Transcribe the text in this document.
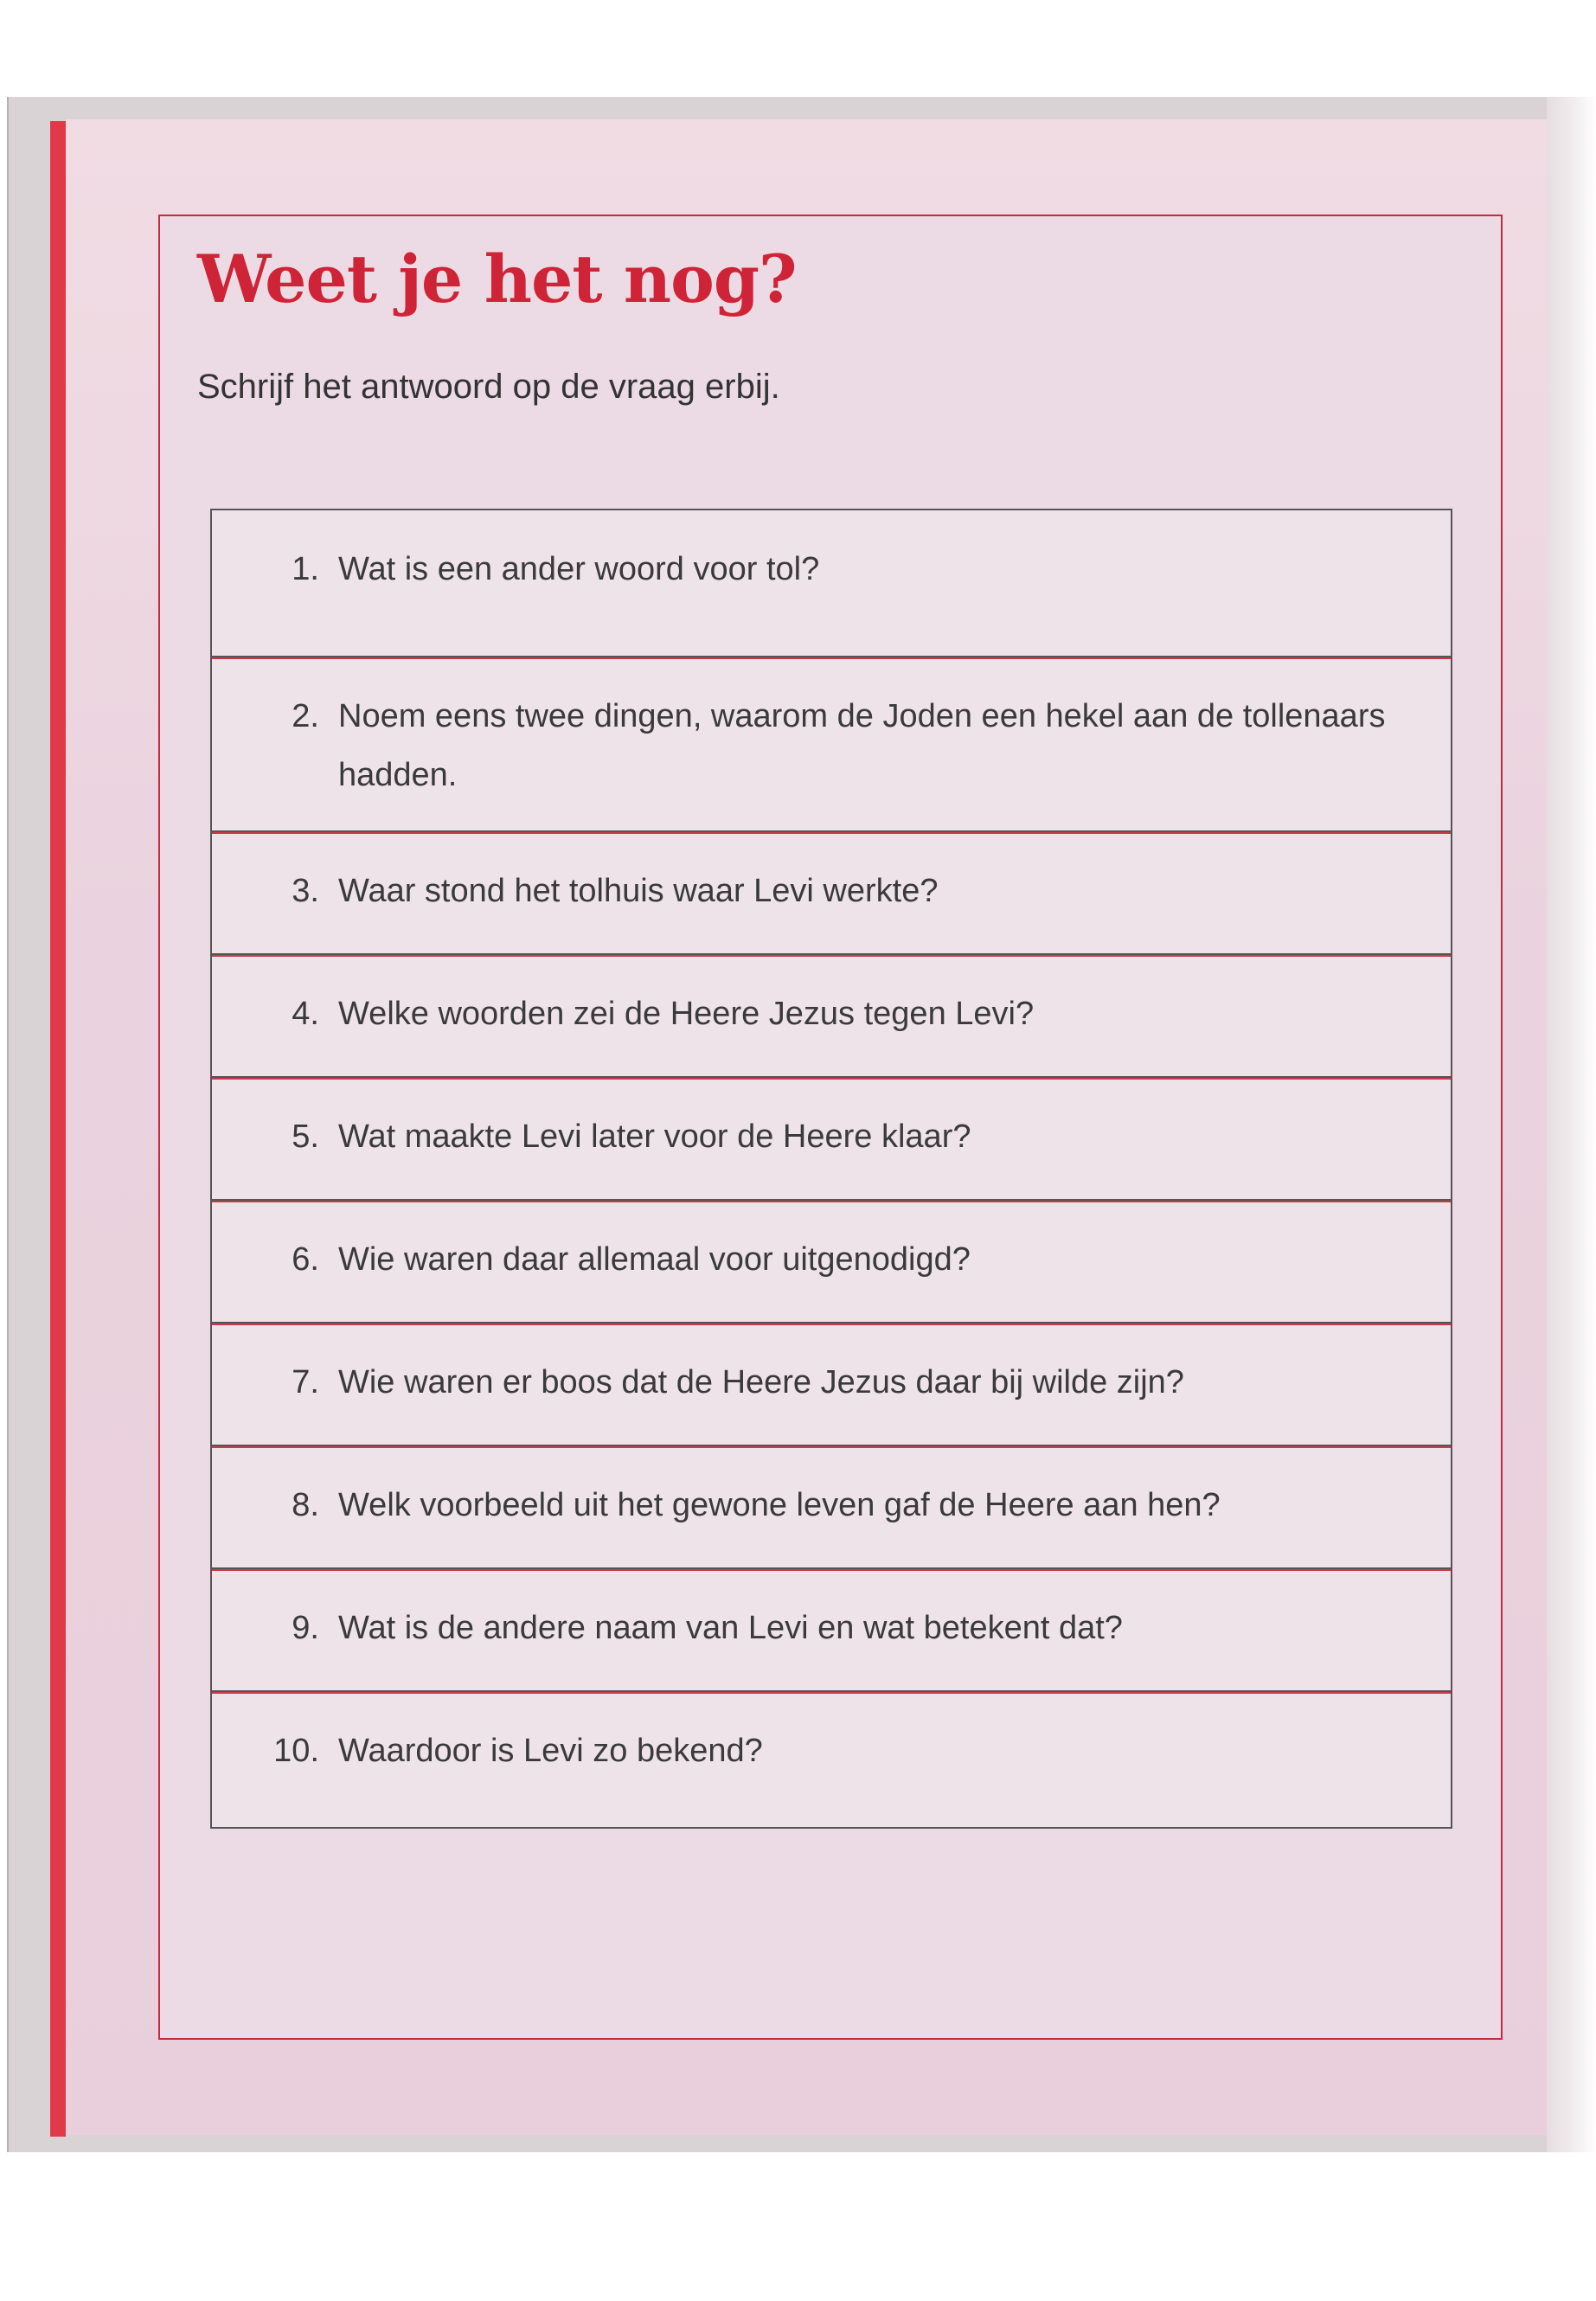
Weet je het nog?

Schrijf het antwoord op de vraag erbij.

1. Wat is een ander woord voor tol?
2. Noem eens twee dingen, waarom de Joden een hekel aan de tollenaars hadden.
3. Waar stond het tolhuis waar Levi werkte?
4. Welke woorden zei de Heere Jezus tegen Levi?
5. Wat maakte Levi later voor de Heere klaar?
6. Wie waren daar allemaal voor uitgenodigd?
7. Wie waren er boos dat de Heere Jezus daar bij wilde zijn?
8. Welk voorbeeld uit het gewone leven gaf de Heere aan hen?
9. Wat is de andere naam van Levi en wat betekent dat?
10. Waardoor is Levi zo bekend?
